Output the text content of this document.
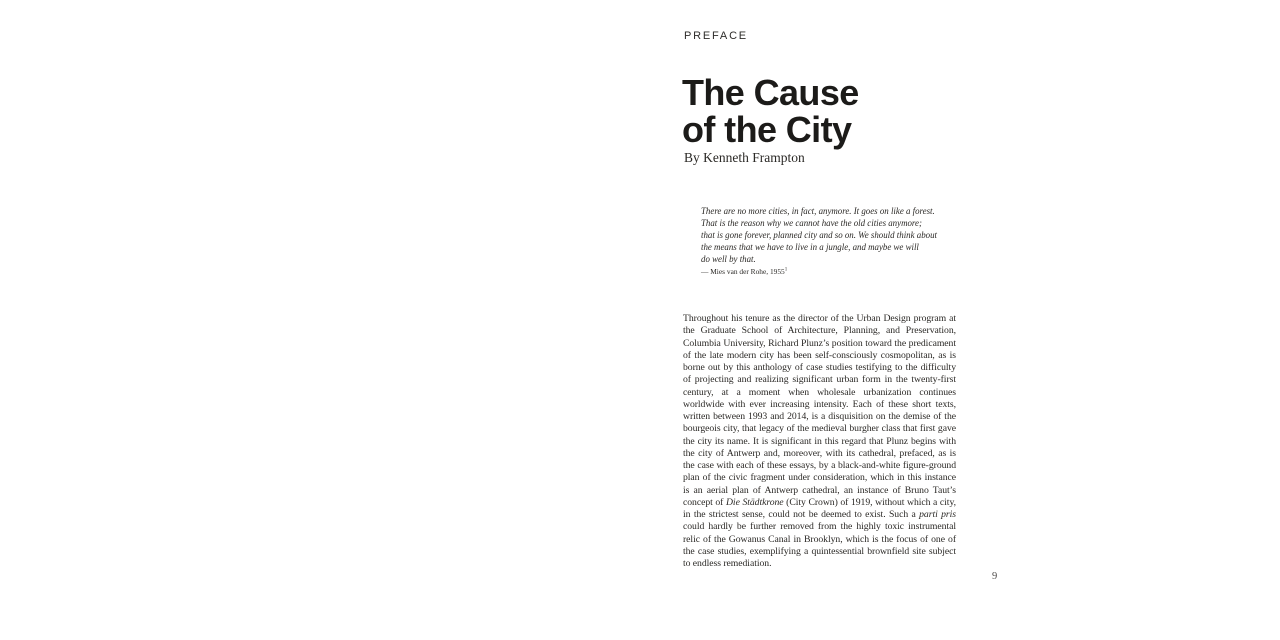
PREFACE
The Cause
of the City
By Kenneth Frampton
There are no more cities, in fact, anymore. It goes on like a forest.
That is the reason why we cannot have the old cities anymore;
that is gone forever, planned city and so on. We should think about
the means that we have to live in a jungle, and maybe we will
do well by that.
— Mies van der Rohe, 1955$^1$

Throughout his tenure as the director of the Urban Design program at the Graduate School of Architecture, Planning, and Preservation, Columbia University, Richard Plunz’s position toward the predicament of the late modern city has been self-consciously cosmopolitan, as is borne out by this anthology of case studies testifying to the difficulty of projecting and realizing significant urban form in the twenty-first century, at a moment when wholesale urbanization continues worldwide with ever increasing intensity. Each of these short texts, written between 1993 and 2014, is a disquisition on the demise of the bourgeois city, that legacy of the medieval burgher class that first gave the city its name. It is significant in this regard that Plunz begins with the city of Antwerp and, moreover, with its cathedral, prefaced, as is the case with each of these essays, by a black-and-white figure-ground plan of the civic fragment under consideration, which in this instance is an aerial plan of Antwerp cathedral, an instance of Bruno Taut’s concept of Die Städtkrone (City Crown) of 1919, without which a city, in the strictest sense, could not be deemed to exist. Such a parti pris could hardly be further removed from the highly toxic instrumental relic of the Gowanus Canal in Brooklyn, which is the focus of one of the case studies, exemplifying a quintessential brownfield site subject to endless remediation.

9
